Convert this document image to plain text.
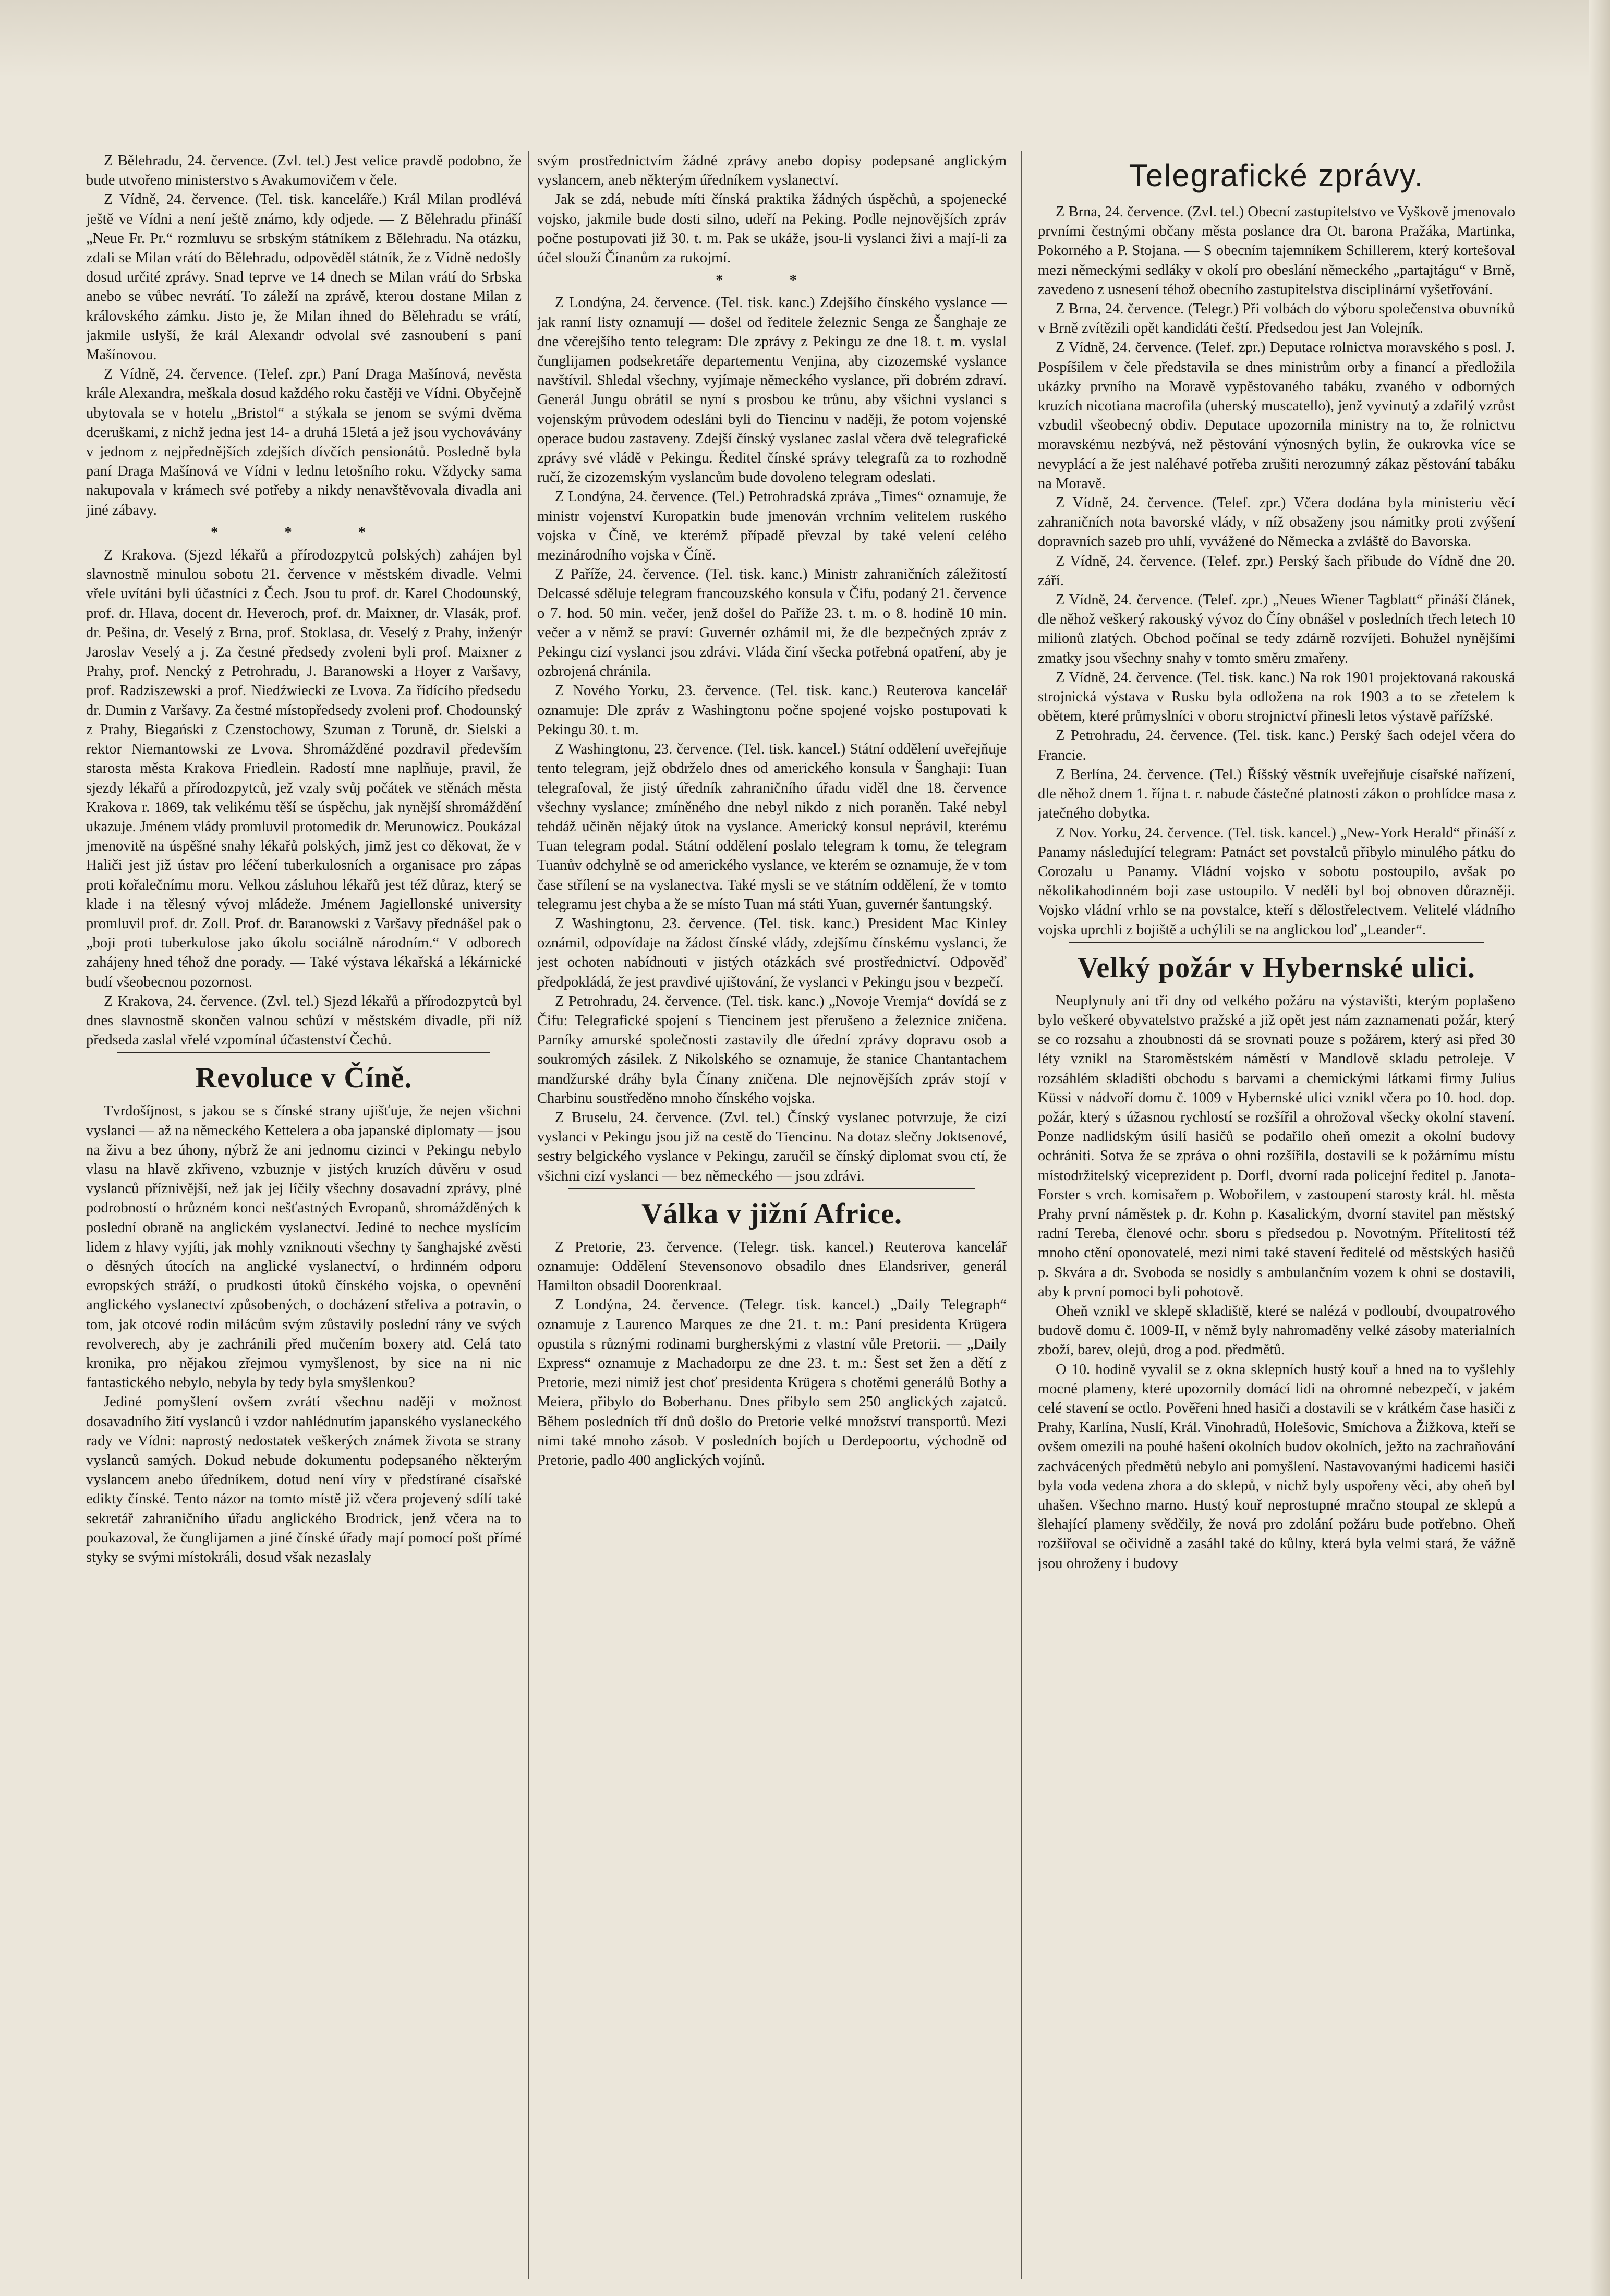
Z Bělehradu, 24. července. (Zvl. tel.) Jest velice pravdě podobno, že bude utvořeno ministerstvo s Avakumovičem v čele.

Z Vídně, 24. července. (Tel. tisk. kanceláře.) Král Milan prodlévá ještě ve Vídni a není ještě známo, kdy odjede. — Z Bělehradu přináší „Neue Fr. Pr.“ rozmluvu se srbským státníkem z Bělehradu. Na otázku, zdali se Milan vrátí do Bělehradu, odpověděl státník, že z Vídně nedošly dosud určité zprávy. Snad teprve ve 14 dnech se Milan vrátí do Srbska anebo se vůbec nevrátí. To záleží na zprávě, kterou dostane Milan z královského zámku. Jisto je, že Milan ihned do Bělehradu se vrátí, jakmile uslyší, že král Alexandr odvolal své zasnoubení s paní Mašínovou.

Z Vídně, 24. července. (Telef. zpr.) Paní Draga Mašínová, nevěsta krále Alexandra, meškala dosud každého roku častěji ve Vídni. Obyčejně ubytovala se v hotelu „Bristol“ a stýkala se jenom se svými dvěma dceruškami, z nichž jedna jest 14- a druhá 15letá a jež jsou vychovávány v jednom z nejpřednějších zdejších dívčích pensionátů. Posledně byla paní Draga Mašínová ve Vídni v lednu letošního roku. Vždycky sama nakupovala v krámech své potřeby a nikdy nenavštěvovala divadla ani jiné zábavy.

* * *

Z Krakova. (Sjezd lékařů a přírodozpytců polských) zahájen byl slavnostně minulou sobotu 21. července v městském divadle. Velmi vřele uvítáni byli účastníci z Čech. Jsou tu prof. dr. Karel Chodounský, prof. dr. Hlava, docent dr. Heveroch, prof. dr. Maixner, dr. Vlasák, prof. dr. Pešina, dr. Veselý z Brna, prof. Stoklasa, dr. Veselý z Prahy, inženýr Jaroslav Veselý a j. Za čestné předsedy zvoleni byli prof. Maixner z Prahy, prof. Nencký z Petrohradu, J. Baranowski a Hoyer z Varšavy, prof. Radziszewski a prof. Niedźwiecki ze Lvova. Za řídícího předsedu dr. Dumin z Varšavy. Za čestné místopředsedy zvoleni prof. Chodounský z Prahy, Biegański z Czenstochowy, Szuman z Toruně, dr. Sielski a rektor Niemantowski ze Lvova. Shromážděné pozdravil především starosta města Krakova Friedlein. Radostí mne naplňuje, pravil, že sjezdy lékařů a přírodozpytců, jež vzaly svůj počátek ve stěnách města Krakova r. 1869, tak velikému těší se úspěchu, jak nynější shromáždění ukazuje. Jménem vlády promluvil protomedik dr. Merunowicz. Poukázal jmenovitě na úspěšné snahy lékařů polských, jimž jest co děkovat, že v Haliči jest již ústav pro léčení tuberkulosních a organisace pro zápas proti kořalečnímu moru. Velkou zásluhou lékařů jest též důraz, který se klade i na tělesný vývoj mládeže. Jménem Jagiellonské university promluvil prof. dr. Zoll. Prof. dr. Baranowski z Varšavy přednášel pak o „boji proti tuberkulose jako úkolu sociálně národním.“ V odborech zahájeny hned téhož dne porady. — Také výstava lékařská a lékárnické budí všeobecnou pozornost.

Z Krakova, 24. července. (Zvl. tel.) Sjezd lékařů a přírodozpytců byl dnes slavnostně skončen valnou schůzí v městském divadle, při níž předseda zaslal vřelé vzpomínal účastenství Čechů.

Revoluce v Číně.

Tvrdošíjnost, s jakou se s čínské strany ujišťuje, že nejen všichni vyslanci — až na německého Kettelera a oba japanské diplomaty — jsou na živu a bez úhony, nýbrž že ani jednomu cizinci v Pekingu nebylo vlasu na hlavě zkřiveno, vzbuznje v jistých kruzích důvěru v osud vyslanců příznivější, než jak jej líčily všechny dosavadní zprávy, plné podrobností o hrůzném konci nešťastných Evropanů, shromážděných k poslední obraně na anglickém vyslanectví. Jediné to nechce myslícím lidem z hlavy vyjíti, jak mohly vzniknouti všechny ty šanghajské zvěsti o děsných útocích na anglické vyslanectví, o hrdinném odporu evropských stráží, o prudkosti útoků čínského vojska, o opevnění anglického vyslanectví způsobených, o docházení střeliva a potravin, o tom, jak otcové rodin milácům svým zůstavily poslední rány ve svých revolverech, aby je zachránili před mučením boxery atd. Celá tato kronika, pro nějakou zřejmou vymyšlenost, by sice na ni nic fantastického nebylo, nebyla by tedy byla smyšlenkou?

Jediné pomyšlení ovšem zvrátí všechnu naději v možnost dosavadního žití vyslanců i vzdor nahlédnutím japanského vyslaneckého rady ve Vídni: naprostý nedostatek veškerých známek života se strany vyslanců samých. Dokud nebude dokumentu podepsaného některým vyslancem anebo úředníkem, dotud není víry v předstírané císařské edikty čínské. Tento názor na tomto místě již včera projevený sdílí také sekretář zahraničního úřadu anglického Brodrick, jenž včera na to poukazoval, že čunglijamen a jiné čínské úřady mají pomocí pošt přímé styky se svými místokráli, dosud však nezaslaly

svým prostřednictvím žádné zprávy anebo dopisy podepsané anglickým vyslancem, aneb některým úředníkem vyslanectví.

Jak se zdá, nebude míti čínská praktika žádných úspěchů, a spojenecké vojsko, jakmile bude dosti silno, udeří na Peking. Podle nejnovějších zpráv počne postupovati již 30. t. m. Pak se ukáže, jsou-li vyslanci živi a mají-li za účel slouží Čínanům za rukojmí.

* *

Z Londýna, 24. července. (Tel. tisk. kanc.) Zdejšího čínského vyslance — jak ranní listy oznamují — došel od ředitele železnic Senga ze Šanghaje ze dne včerejšího tento telegram: Dle zprávy z Pekingu ze dne 18. t. m. vyslal čunglijamen podsekretáře departementu Venjina, aby cizozemské vyslance navštívil. Shledal všechny, vyjímaje německého vyslance, při dobrém zdraví. Generál Jungu obrátil se nyní s prosbou ke trůnu, aby všichni vyslanci s vojenským průvodem odesláni byli do Tiencinu v naději, že potom vojenské operace budou zastaveny. Zdejší čínský vyslanec zaslal včera dvě telegrafické zprávy své vládě v Pekingu. Ředitel čínské správy telegrafů za to rozhodně ručí, že cizozemským vyslancům bude dovoleno telegram odeslati.

Z Londýna, 24. července. (Tel.) Petrohradská zpráva „Times“ oznamuje, že ministr vojenství Kuropatkin bude jmenován vrchním velitelem ruského vojska v Číně, ve kterémž případě převzal by také velení celého mezinárodního vojska v Číně.

Z Paříže, 24. července. (Tel. tisk. kanc.) Ministr zahraničních záležitostí Delcassé sděluje telegram francouzského konsula v Čifu, podaný 21. července o 7. hod. 50 min. večer, jenž došel do Paříže 23. t. m. o 8. hodině 10 min. večer a v němž se praví: Guvernér ozhámil mi, že dle bezpečných zpráv z Pekingu cizí vyslanci jsou zdrávi. Vláda činí všecka potřebná opatření, aby je ozbrojená chránila.

Z Nového Yorku, 23. července. (Tel. tisk. kanc.) Reuterova kancelář oznamuje: Dle zpráv z Washingtonu počne spojené vojsko postupovati k Pekingu 30. t. m.

Z Washingtonu, 23. července. (Tel. tisk. kancel.) Státní oddělení uveřejňuje tento telegram, jejž obdrželo dnes od amerického konsula v Šanghaji: Tuan telegrafoval, že jistý úředník zahraničního úřadu viděl dne 18. července všechny vyslance; zmíněného dne nebyl nikdo z nich poraněn. Také nebyl tehdáž učiněn nějaký útok na vyslance. Americký konsul neprávil, kterému Tuan telegram podal. Státní oddělení poslalo telegram k tomu, že telegram Tuanův odchylně se od amerického vyslance, ve kterém se oznamuje, že v tom čase střílení se na vyslanectva. Také mysli se ve státním oddělení, že v tomto telegramu jest chyba a že se místo Tuan má státi Yuan, guvernér šantungský.

Z Washingtonu, 23. července. (Tel. tisk. kanc.) President Mac Kinley oznámil, odpovídaje na žádost čínské vlády, zdejšímu čínskému vyslanci, že jest ochoten nabídnouti v jistých otázkách své prostřednictví. Odpověď předpokládá, že jest pravdivé ujištování, že vyslanci v Pekingu jsou v bezpečí.

Z Petrohradu, 24. července. (Tel. tisk. kanc.) „Novoje Vremja“ dovídá se z Čifu: Telegrafické spojení s Tiencinem jest přerušeno a železnice zničena. Parníky amurské společnosti zastavily dle úřední zprávy dopravu osob a soukromých zásilek. Z Nikolského se oznamuje, že stanice Chantantachem mandžurské dráhy byla Čínany zničena. Dle nejnovějších zpráv stojí v Charbinu soustředěno mnoho čínského vojska.

Z Bruselu, 24. července. (Zvl. tel.) Čínský vyslanec potvrzuje, že cizí vyslanci v Pekingu jsou již na cestě do Tiencinu. Na dotaz slečny Joktsenové, sestry belgického vyslance v Pekingu, zaručil se čínský diplomat svou ctí, že všichni cizí vyslanci — bez německého — jsou zdrávi.

Válka v jižní Africe.

Z Pretorie, 23. července. (Telegr. tisk. kancel.) Reuterova kancelář oznamuje: Oddělení Stevensonovo obsadilo dnes Elandsriver, generál Hamilton obsadil Doorenkraal.

Z Londýna, 24. července. (Telegr. tisk. kancel.) „Daily Telegraph“ oznamuje z Laurenco Marques ze dne 21. t. m.: Paní presidenta Krügera opustila s různými rodinami burgherskými z vlastní vůle Pretorii. — „Daily Express“ oznamuje z Machadorpu ze dne 23. t. m.: Šest set žen a dětí z Pretorie, mezi nimiž jest choť presidenta Krügera s chotěmi generálů Bothy a Meiera, přibylo do Boberhanu. Dnes přibylo sem 250 anglických zajatců. Během posledních tří dnů došlo do Pretorie velké množství transportů. Mezi nimi také mnoho zásob. V posledních bojích u Derdepoortu, východně od Pretorie, padlo 400 anglických vojínů.

Telegrafické zprávy.

Z Brna, 24. července. (Zvl. tel.) Obecní zastupitelstvo ve Vyškově jmenovalo prvními čestnými občany města poslance dra Ot. barona Pražáka, Martinka, Pokorného a P. Stojana. — S obecním tajemníkem Schillerem, který kortešoval mezi německými sedláky v okolí pro obeslání německého „partajtágu“ v Brně, zavedeno z usnesení téhož obecního zastupitelstva disciplinární vyšetřování.

Z Brna, 24. července. (Telegr.) Při volbách do výboru společenstva obuvníků v Brně zvítězili opět kandidáti čeští. Předsedou jest Jan Volejník.

Z Vídně, 24. července. (Telef. zpr.) Deputace rolnictva moravského s posl. J. Pospíšilem v čele představila se dnes ministrům orby a financí a předložila ukázky prvního na Moravě vypěstovaného tabáku, zvaného v odborných kruzích nicotiana macrofila (uherský muscatello), jenž vyvinutý a zdařilý vzrůst vzbudil všeobecný obdiv. Deputace upozornila ministry na to, že rolnictvu moravskému nezbývá, než pěstování výnosných bylin, že oukrovka více se nevyplácí a že jest naléhavé potřeba zrušiti nerozumný zákaz pěstování tabáku na Moravě.

Z Vídně, 24. července. (Telef. zpr.) Včera dodána byla ministeriu věcí zahraničních nota bavorské vlády, v níž obsaženy jsou námitky proti zvýšení dopravních sazeb pro uhlí, vyvážené do Německa a zvláště do Bavorska.

Z Vídně, 24. července. (Telef. zpr.) Perský šach přibude do Vídně dne 20. září.

Z Vídně, 24. července. (Telef. zpr.) „Neues Wiener Tagblatt“ přináší článek, dle něhož veškerý rakouský vývoz do Číny obnášel v posledních třech letech 10 milionů zlatých. Obchod počínal se tedy zdárně rozvíjeti. Bohužel nynějšími zmatky jsou všechny snahy v tomto směru zmařeny.

Z Vídně, 24. července. (Tel. tisk. kanc.) Na rok 1901 projektovaná rakouská strojnická výstava v Rusku byla odložena na rok 1903 a to se zřetelem k obětem, které průmyslníci v oboru strojnictví přinesli letos výstavě pařížské.

Z Petrohradu, 24. července. (Tel. tisk. kanc.) Perský šach odejel včera do Francie.

Z Berlína, 24. července. (Tel.) Říšský věstník uveřejňuje císařské nařízení, dle něhož dnem 1. října t. r. nabude částečné platnosti zákon o prohlídce masa z jatečného dobytka.

Z Nov. Yorku, 24. července. (Tel. tisk. kancel.) „New-York Herald“ přináší z Panamy následující telegram: Patnáct set povstalců přibylo minulého pátku do Corozalu u Panamy. Vládní vojsko v sobotu postoupilo, avšak po několikahodinném boji zase ustoupilo. V neděli byl boj obnoven důrazněji. Vojsko vládní vrhlo se na povstalce, kteří s dělostřelectvem. Velitelé vládního vojska uprchli z bojiště a uchýlili se na anglickou loď „Leander“.

Velký požár v Hybernské ulici.

Neuplynuly ani tři dny od velkého požáru na výstavišti, kterým poplašeno bylo veškeré obyvatelstvo pražské a již opět jest nám zaznamenati požár, který se co rozsahu a zhoubnosti dá se srovnati pouze s požárem, který asi před 30 léty vznikl na Staroměstském náměstí v Mandlově skladu petroleje. V rozsáhlém skladišti obchodu s barvami a chemickými látkami firmy Julius Küssi v nádvoří domu č. 1009 v Hybernské ulici vznikl včera po 10. hod. dop. požár, který s úžasnou rychlostí se rozšířil a ohrožoval všecky okolní stavení. Ponze nadlidským úsilí hasičů se podařilo oheň omezit a okolní budovy ochrániti. Sotva že se zpráva o ohni rozšířila, dostavili se k požárnímu místu místodržitelský viceprezident p. Dorfl, dvorní rada policejní ředitel p. Janota-Forster s vrch. komisařem p. Wobořilem, v zastoupení starosty král. hl. města Prahy první náměstek p. dr. Kohn p. Kasalickým, dvorní stavitel pan městský radní Tereba, členové ochr. sboru s předsedou p. Novotným. Přítelitostí též mnoho ctění oponovatelé, mezi nimi také stavení ředitelé od městských hasičů p. Skvára a dr. Svoboda se nosidly s ambulančním vozem k ohni se dostavili, aby k první pomoci byli pohotově.

Oheň vznikl ve sklepě skladiště, které se nalézá v podloubí, dvoupatrového budově domu č. 1009-II, v němž byly nahromaděny velké zásoby materialních zboží, barev, olejů, drog a pod. předmětů.

O 10. hodině vyvalil se z okna sklepních hustý kouř a hned na to vyšlehly mocné plameny, které upozornily domácí lidi na ohromné nebezpečí, v jakém celé stavení se octlo. Pověřeni hned hasiči a dostavili se v krátkém čase hasiči z Prahy, Karlína, Nuslí, Král. Vinohradů, Holešovic, Smíchova a Žižkova, kteří se ovšem omezili na pouhé hašení okolních budov okolních, ježto na zachraňování zachvácených předmětů nebylo ani pomyšlení. Nastavovanými hadicemi hasiči byla voda vedena zhora a do sklepů, v nichž byly uspořeny věci, aby oheň byl uhašen. Všechno marno. Hustý kouř neprostupné mračno stoupal ze sklepů a šlehající plameny svědčily, že nová pro zdolání požáru bude potřebno. Oheň rozšiřoval se očividně a zasáhl také do kůlny, která byla velmi stará, že vážně jsou ohroženy i budovy
